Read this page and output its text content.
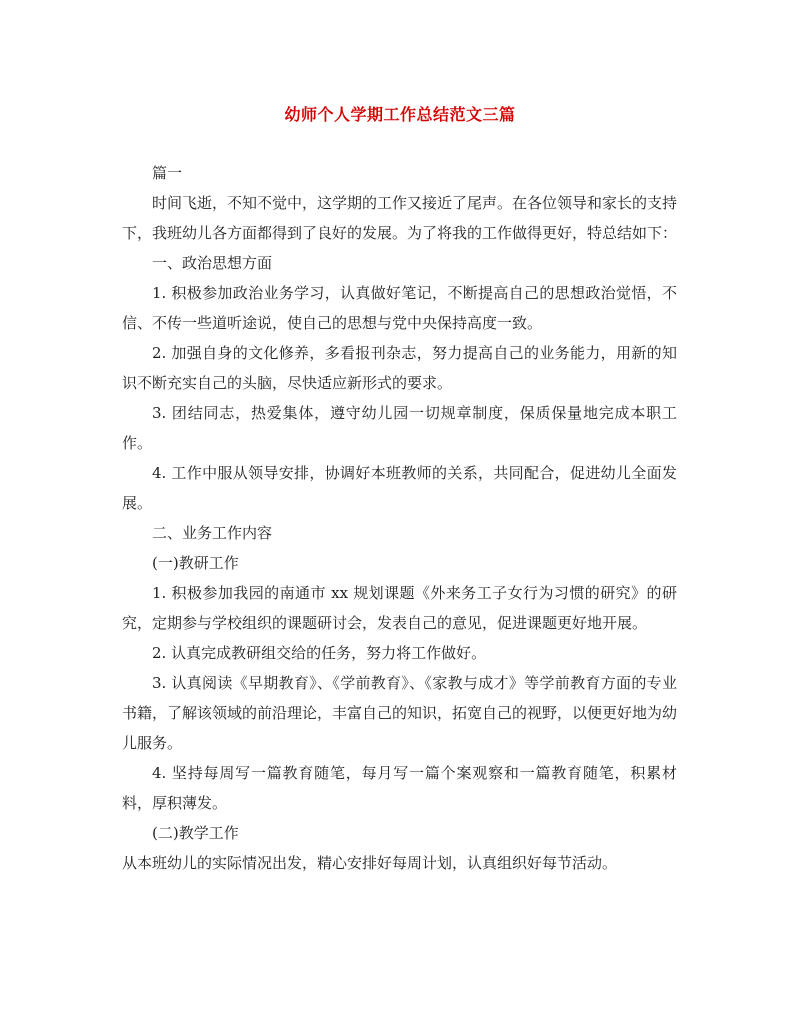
幼师个人学期工作总结范文三篇

篇一

时间飞逝，不知不觉中，这学期的工作又接近了尾声。在各位领导和家长的支持下，我班幼儿各方面都得到了良好的发展。为了将我的工作做得更好，特总结如下：

一、政治思想方面

1. 积极参加政治业务学习，认真做好笔记，不断提高自己的思想政治觉悟，不信、不传一些道听途说，使自己的思想与党中央保持高度一致。

2. 加强自身的文化修养，多看报刊杂志，努力提高自己的业务能力，用新的知识不断充实自己的头脑，尽快适应新形式的要求。

3. 团结同志，热爱集体，遵守幼儿园一切规章制度，保质保量地完成本职工作。

4. 工作中服从领导安排，协调好本班教师的关系，共同配合，促进幼儿全面发展。

二、业务工作内容

(一)教研工作

1. 积极参加我园的南通市 xx 规划课题《外来务工子女行为习惯的研究》的研究，定期参与学校组织的课题研讨会，发表自己的意见，促进课题更好地开展。

2. 认真完成教研组交给的任务，努力将工作做好。

3. 认真阅读《早期教育》、《学前教育》、《家教与成才》等学前教育方面的专业书籍，了解该领域的前沿理论，丰富自己的知识，拓宽自己的视野，以便更好地为幼儿服务。

4. 坚持每周写一篇教育随笔，每月写一篇个案观察和一篇教育随笔，积累材料，厚积薄发。

(二)教学工作

从本班幼儿的实际情况出发，精心安排好每周计划，认真组织好每节活动。
